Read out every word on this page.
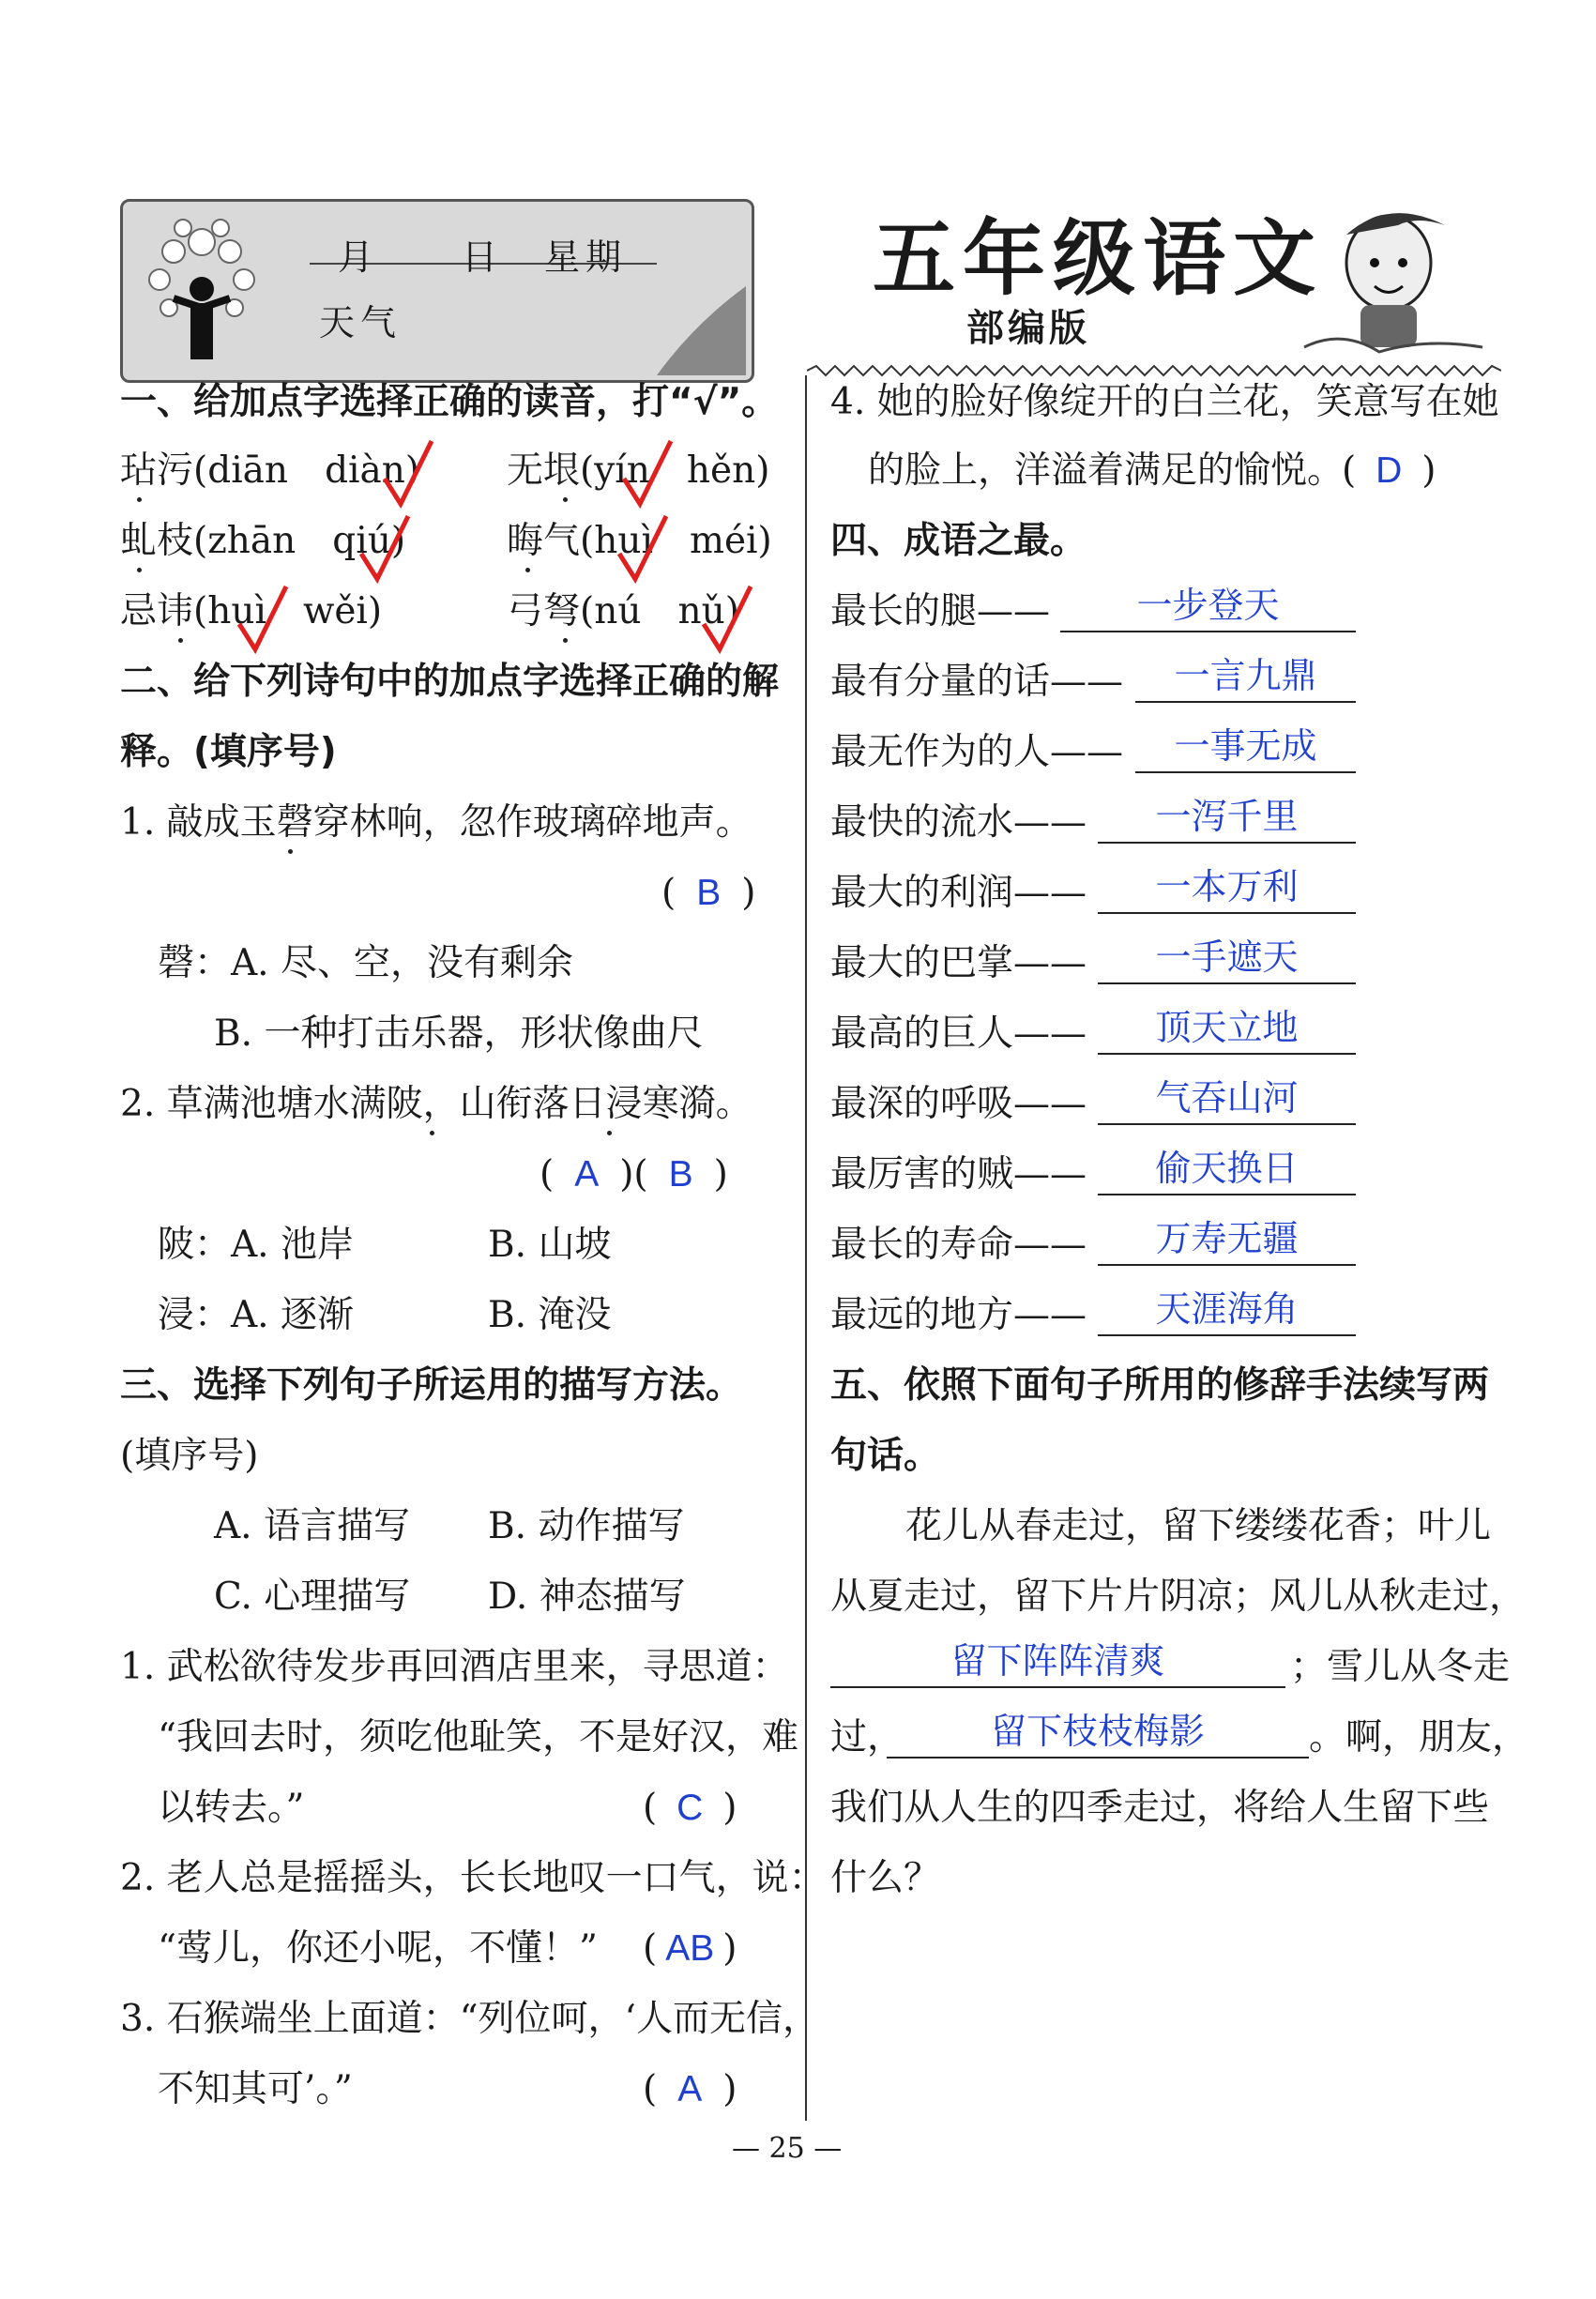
月　　日　星期
天气
五年级语文
部编版
一、给加点字选择正确的读音，打“√”。
玷污(diān　 diàn) 无垠(yín　 hěn)
虬枝(zhān　 qiú)	晦气(huì　 méi)
忌讳(huì　 wěi)	弓弩(nú　 nǔ)
二、给下列诗句中的加点字选择正确的解
释。(填序号)
1. 敲成玉磬穿林响，忽作玻璃碎地声。
( B )
磬：A. 尽、空，没有剩余
B. 一种打击乐器，形状像曲尺
2. 草满池塘水满陂，山衔落日浸寒漪。
( A )( B )
陂：A. 池岸	B. 山坡
浸：A. 逐渐	B. 淹没
三、选择下列句子所运用的描写方法。
(填序号)
A. 语言描写 B. 动作描写
C. 心理描写 D. 神态描写
1. 武松欲待发步再回酒店里来，寻思道：
“我回去时，须吃他耻笑，不是好汉，难
以转去。”	( C )
2. 老人总是摇摇头，长长地叹一口气，说：
“莺儿，你还小呢，不懂！” ( AB )
3. 石猴端坐上面道：“列位呵，‘人而无信，
不知其可’。”	( A )
4. 她的脸好像绽开的白兰花，笑意写在她
的脸上，洋溢着满足的愉悦。
( D )
四、成语之最。
最长的腿——	一步登天
最有分量的话——	一言九鼎
最无作为的人——	一事无成
最快的流水——	一泻千里
最大的利润——	一本万利
最大的巴掌——	一手遮天
最高的巨人——	顶天立地
最深的呼吸——	气吞山河
最厉害的贼——	偷天换日
最长的寿命——	万寿无疆
最远的地方——	天涯海角
五、依照下面句子所用的修辞手法续写两
句话。
花儿从春走过，留下缕缕花香；叶儿
从夏走过，留下片片阴凉；风儿从秋走过，
留下阵阵清爽	；雪儿从冬走
过，	留下枝枝梅影	。啊，朋友，
我们从人生的四季走过，将给人生留下些
什么？
— 25 —
